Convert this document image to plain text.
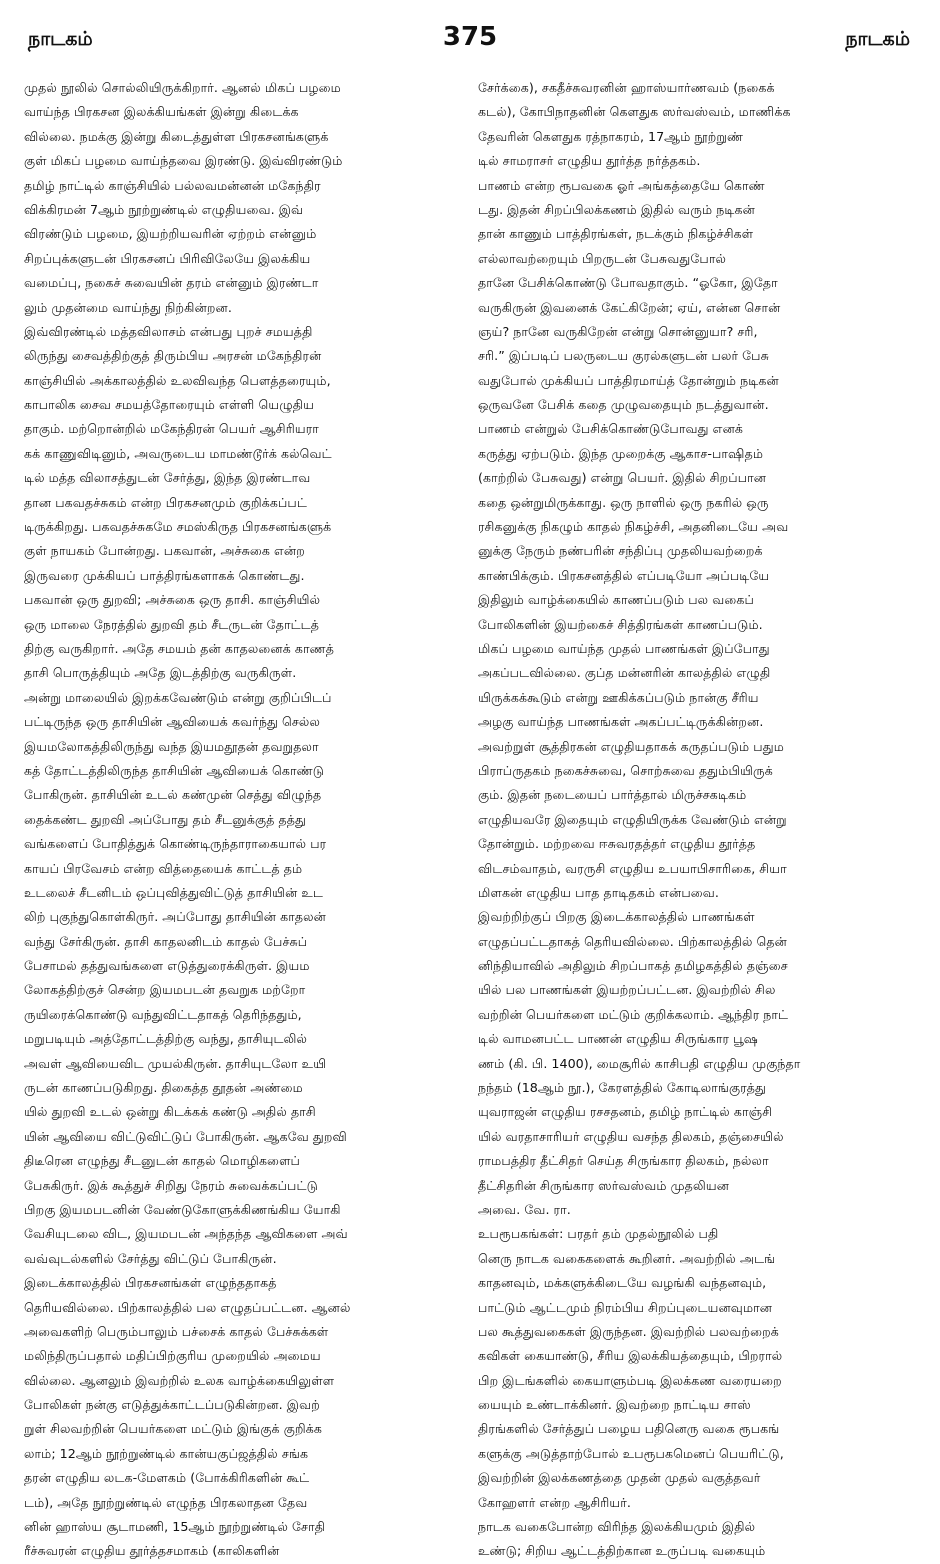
நாடகம்	375	நாடகம்
முதல் நூலில் சொல்லியிருக்கிறார். ஆனல் மிகப் பழமை
வாய்ந்த பிரகசன இலக்கியங்கள் இன்று கிடைக்க
வில்லை. நமக்கு இன்று கிடைத்துள்ள பிரகசனங்களுக்
குள் மிகப் பழமை வாய்ந்தவை இரண்டு. இவ்விரண்டும்
தமிழ் நாட்டில் காஞ்சியில் பல்லவமன்னன் மகேந்திர
விக்கிரமன் 7ஆம் நூற்றுண்டில் எழுதியவை. இவ்
விரண்டும் பழமை, இயற்றியவரின் ஏற்றம் என்னும்
சிறப்புக்களுடன் பிரகசனப் பிரிவிலேயே இலக்கிய
வமைப்பு, நகைச் சுவையின் தரம் என்னும் இரண்டா
லும் முதன்மை வாய்ந்து நிற்கின்றன.
இவ்விரண்டில் மத்தவிலாசம் என்பது புறச் சமயத்தி
லிருந்து சைவத்திற்குத் திரும்பிய அரசன் மகேந்திரன்
காஞ்சியில் அக்காலத்தில் உலவிவந்த பௌத்தரையும்,
காபாலிக சைவ சமயத்தோரையும் எள்ளி யெழுதிய
தாகும். மற்றொன்றில் மகேந்திரன் பெயர் ஆசிரியரா
கக் காணுவிடினும், அவருடைய மாமண்டூர்க் கல்வெட்
டில் மத்த விலாசத்துடன் சேர்த்து, இந்த இரண்டாவ
தான பகவதச்சுகம் என்ற பிரகசனமும் குறிக்கப்பட்
டிருக்கிறது. பகவதச்சுகமே சமஸ்கிருத பிரகசனங்களுக்
குள் நாயகம் போன்றது. பகவான், அச்சுகை என்ற
இருவரை முக்கியப் பாத்திரங்களாகக் கொண்டது.
பகவான் ஒரு துறவி; அச்சுகை ஒரு தாசி. காஞ்சியில்
ஒரு மாலை நேரத்தில் துறவி தம் சீடருடன் தோட்டத்
திற்கு வருகிறார். அதே சமயம் தன் காதலனைக் காணத்
தாசி பொருத்தியும் அதே இடத்திற்கு வருகிருள்.
அன்று மாலையில் இறக்கவேண்டும் என்று குறிப்பிடப்
பட்டிருந்த ஒரு தாசியின் ஆவியைக் கவர்ந்து செல்ல
இயமலோகத்திலிருந்து வந்த இயமதூதன் தவறுதலா
கத் தோட்டத்திலிருந்த தாசியின் ஆவியைக் கொண்டு
போகிருன். தாசியின் உடல் கண்முன் செத்து விழுந்த
தைக்கண்ட துறவி அப்போது தம் சீடனுக்குத் தத்து
வங்களைப் போதித்துக் கொண்டிருந்தாராகையால் பர
காயப் பிரவேசம் என்ற வித்தையைக் காட்டத் தம்
உடலைச் சீடனிடம் ஒப்புவித்துவிட்டுத் தாசியின் உட
லிற் புகுந்துகொள்கிருர். அப்போது தாசியின் காதலன்
வந்து சேர்கிருன். தாசி காதலனிடம் காதல் பேச்சுப்
பேசாமல் தத்துவங்களை எடுத்துரைக்கிருள். இயம
லோகத்திற்குச் சென்ற இயமபடன் தவறுக மற்றோ
ருயிரைக்கொண்டு வந்துவிட்டதாகத் தெரிந்ததும்,
மறுபடியும் அத்தோட்டத்திற்கு வந்து, தாசியுடலில்
அவள் ஆவியைவிட முயல்கிருன். தாசியுடலோ உயி
ருடன் காணப்படுகிறது. திகைத்த தூதன் அண்மை
யில் துறவி உடல் ஒன்று கிடக்கக் கண்டு அதில் தாசி
யின் ஆவியை விட்டுவிட்டுப் போகிருன். ஆகவே துறவி
திடீரென எழுந்து சீடனுடன் காதல் மொழிகளைப்
பேசுகிருர். இக் கூத்துச் சிறிது நேரம் சுவைக்கப்பட்டு
பிறகு இயமபடனின் வேண்டுகோளுக்கிணங்கிய யோகி
வேசியுடலை விட, இயமபடன் அந்தந்த ஆவிகளை அவ்
வவ்வுடல்களில் சேர்த்து விட்டுப் போகிருன்.
இடைக்காலத்தில் பிரகசனங்கள் எழுந்ததாகத்
தெரியவில்லை. பிற்காலத்தில் பல எழுதப்பட்டன. ஆனல்
அவைகளிற் பெரும்பாலும் பச்சைக் காதல் பேச்சுக்கள்
மலிந்திருப்பதால் மதிப்பிற்குரிய முறையில் அமைய
வில்லை. ஆனலும் இவற்றில் உலக வாழ்க்கையிலுள்ள
போலிகள் நன்கு எடுத்துக்காட்டப்படுகின்றன. இவற்
றுள் சிலவற்றின் பெயர்களை மட்டும் இங்குக் குறிக்க
லாம்; 12ஆம் நூற்றுண்டில் கான்யகுப்ஜத்தில் சங்க
தரன் எழுதிய லடக-மேளகம் (போக்கிரிகளின் கூட்
டம்), அதே நூற்றுண்டில் எழுந்த பிரகலாதன தேவ
னின் ஹாஸ்ய சூடாமணி, 15ஆம் நூற்றுண்டில் சோதி
ரீச்சுவரன் எழுதிய தூர்த்தசமாகம் (காலிகளின்
சேர்க்கை), சகதீச்சுவரனின் ஹாஸ்யார்ணவம் (நகைக்
கடல்), கோபிநாதனின் கௌதுக ஸர்வஸ்வம், மாணிக்க
தேவரின் கௌதுக ரத்நாகரம், 17ஆம் நூற்றுண்
டில் சாமராசர் எழுதிய தூர்த்த நர்த்தகம்.
பாணம் என்ற ரூபவகை ஓர் அங்கத்தையே கொண்
டது. இதன் சிறப்பிலக்கணம் இதில் வரும் நடிகன்
தான் காணும் பாத்திரங்கள், நடக்கும் நிகழ்ச்சிகள்
எல்லாவற்றையும் பிறருடன் பேசுவதுபோல்
தானே பேசிக்கொண்டு போவதாகும். “ஓகோ, இதோ
வருகிருன் இவனைக் கேட்கிறேன்; ஏய், என்ன சொன்
ஞய்? நானே வருகிறேன் என்று சொன்னுயா? சரி,
சரி.” இப்படிப் பலருடைய குரல்களுடன் பலர் பேசு
வதுபோல் முக்கியப் பாத்திரமாய்த் தோன்றும் நடிகன்
ஒருவனே பேசிக் கதை முழுவதையும் நடத்துவான்.
பாணம் என்றுல் பேசிக்கொண்டுபோவது எனக்
கருத்து ஏற்படும். இந்த முறைக்கு ஆகாச-பாஷிதம்
(காற்றில் பேசுவது) என்று பெயர். இதில் சிறப்பான
கதை ஒன்றுமிருக்காது. ஒரு நாளில் ஒரு நகரில் ஒரு
ரசிகனுக்கு நிகழும் காதல் நிகழ்ச்சி, அதனிடையே அவ
னுக்கு நேரும் நண்பரின் சந்திப்பு முதலியவற்றைக்
காண்பிக்கும். பிரகசனத்தில் எப்படியோ அப்படியே
இதிலும் வாழ்க்கையில் காணப்படும் பல வகைப்
போலிகளின் இயற்கைச் சித்திரங்கள் காணப்படும்.
மிகப் பழமை வாய்ந்த முதல் பாணங்கள் இப்போது
அகப்படவில்லை. குப்த மன்னரின் காலத்தில் எழுதி
யிருக்கக்கூடும் என்று ஊகிக்கப்படும் நான்கு சீரிய
அழகு வாய்ந்த பாணங்கள் அகப்பட்டிருக்கின்றன.
அவற்றுள் சூத்திரகன் எழுதியதாகக் கருதப்படும் பதும
பிராப்ருதகம் நகைச்சுவை, சொற்சுவை ததும்பியிருக்
கும். இதன் நடையைப் பார்த்தால் மிருச்சகடிகம்
எழுதியவரே இதையும் எழுதியிருக்க வேண்டும் என்று
தோன்றும். மற்றவை ஈசுவரதத்தர் எழுதிய தூர்த்த
விடசம்வாதம், வரருசி எழுதிய உபயாபிசாரிகை, சியா
மிளகன் எழுதிய பாத தாடிதகம் என்பவை.
இவற்றிற்குப் பிறகு இடைக்காலத்தில் பாணங்கள்
எழுதப்பட்டதாகத் தெரியவில்லை. பிற்காலத்தில் தென்
னிந்தியாவில் அதிலும் சிறப்பாகத் தமிழகத்தில் தஞ்சை
யில் பல பாணங்கள் இயற்றப்பட்டன. இவற்றில் சில
வற்றின் பெயர்களை மட்டும் குறிக்கலாம். ஆந்திர நாட்
டில் வாமனபட்ட பாணன் எழுதிய சிருங்கார பூஷ
ணம் (கி. பி. 1400), மைசூரில் காசிபதி எழுதிய முகுந்தா
நந்தம் (18ஆம் நூ.), கேரளத்தில் கோடிலாங்குரத்து
யுவராஜன் எழுதிய ரசசதனம், தமிழ் நாட்டில் காஞ்சி
யில் வரதாசாரியர் எழுதிய வசந்த திலகம், தஞ்சையில்
ராமபத்திர தீட்சிதர் செய்த சிருங்கார திலகம், நல்லா
தீட்சிதரின் சிருங்கார ஸர்வஸ்வம் முதலியன
அவை. வே. ரா.
உபரூபகங்கள்: பரதர் தம் முதல்நூலில் பதி
னெரு நாடக வகைகளைக் கூறினர். அவற்றில் அடங்
காதனவும், மக்களுக்கிடையே வழங்கி வந்தனவும்,
பாட்டும் ஆட்டமும் நிரம்பிய சிறப்புடையனவுமான
பல கூத்துவகைகள் இருந்தன. இவற்றில் பலவற்றைக்
கவிகள் கையாண்டு, சீரிய இலக்கியத்தையும், பிறரால்
பிற இடங்களில் கையாளும்படி இலக்கண வரையறை
யையும் உண்டாக்கினர். இவற்றை நாட்டிய சாஸ்
திரங்களில் சேர்த்துப் பழைய பதினெரு வகை ரூபகங்
களுக்கு அடுத்தாற்போல் உபரூபகமெனப் பெயரிட்டு,
இவற்றின் இலக்கணத்தை முதன் முதல் வகுத்தவர்
கோஹளர் என்ற ஆசிரியர்.
நாடக வகைபோன்ற விரிந்த இலக்கியமும் இதில்
உண்டு; சிறிய ஆட்டத்திற்கான உருப்படி வகையும்
